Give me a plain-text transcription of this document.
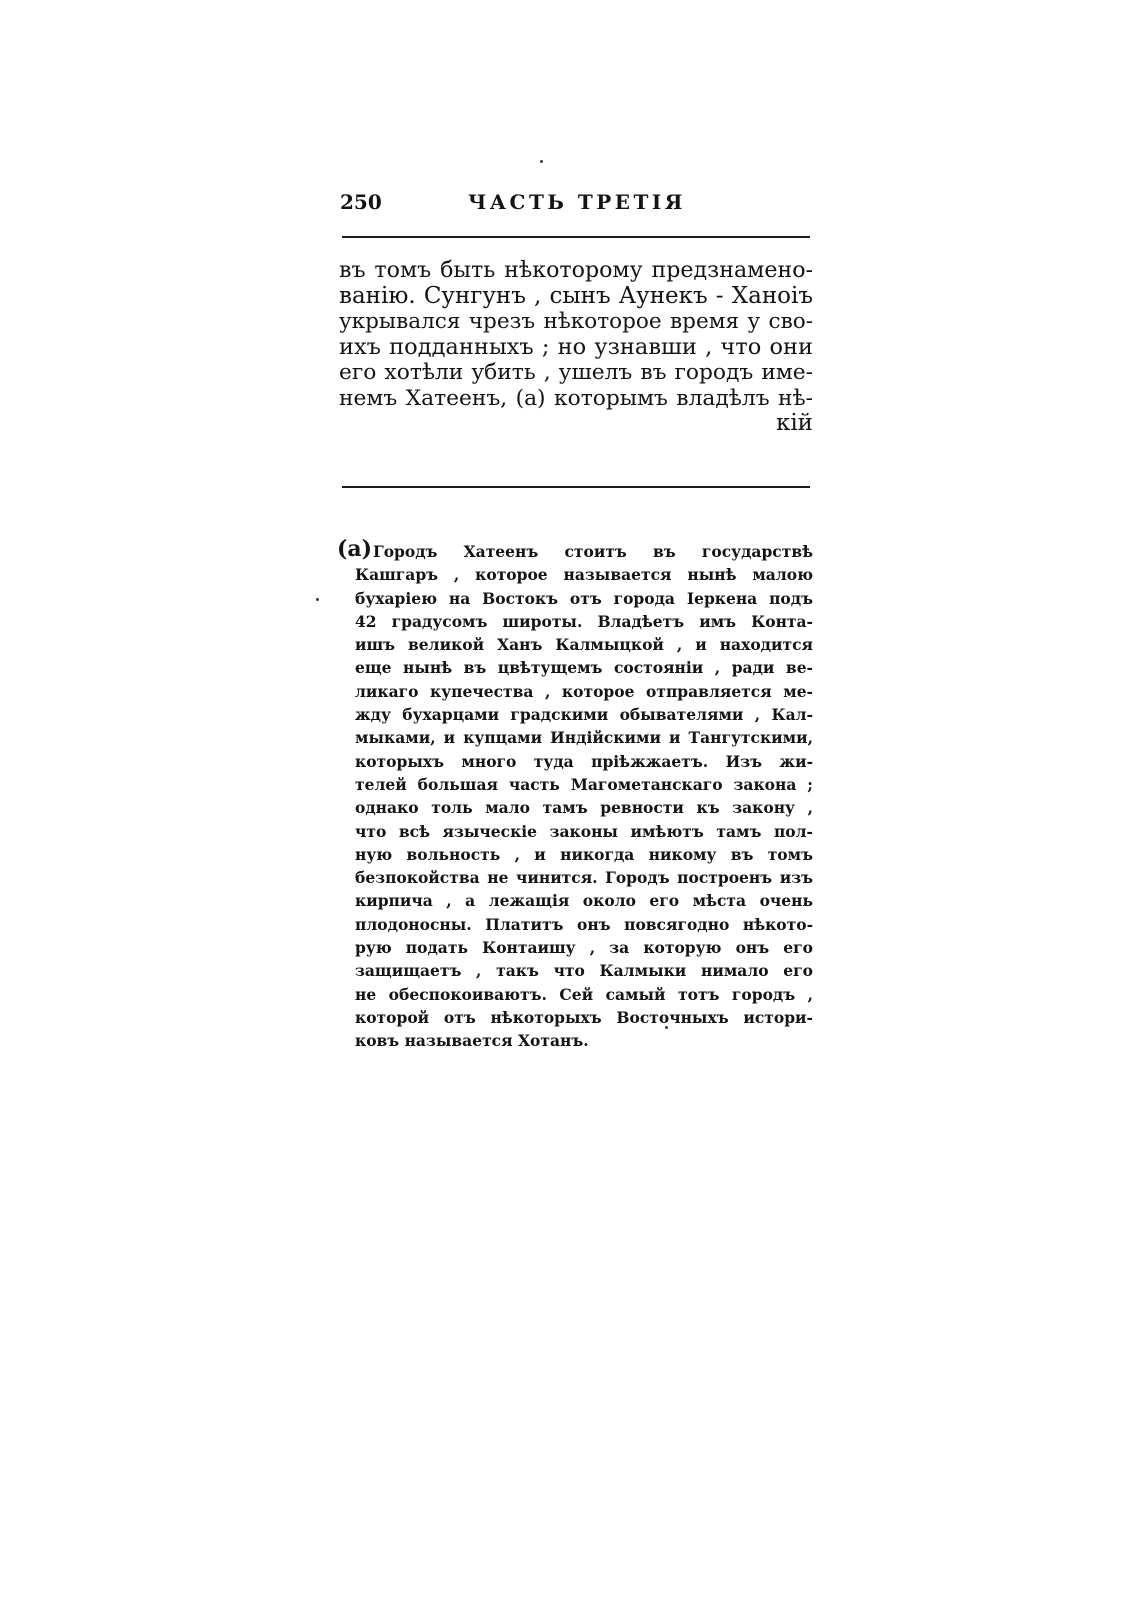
250	ЧАСТЬ ТРЕТІЯ
въ томъ быть нѣкоторому предзнамено-
ванію. Сунгунъ , сынъ Аунекъ - Ханоіъ
укрывался чрезъ нѣкоторое время у сво-
ихъ подданныхъ ; но узнавши , что они
его хотѣли убить , ушелъ въ городъ име-
немъ Хатеенъ, (а) которымъ владѣлъ нѣ-
кій
(а) Городъ Хатеенъ стоитъ въ государствѣ
Кашгаръ , которое называется нынѣ малою
бухаріею на Востокъ отъ города Іеркена подъ
42 градусомъ широты. Владѣетъ имъ Конта-
ишъ великой Ханъ Калмыцкой , и находится
еще нынѣ въ цвѣтущемъ состояніи , ради ве-
ликаго купечества , которое отправляется ме-
жду бухарцами градскими обывателями , Кал-
мыками, и купцами Индійскими и Тангутскими,
которыхъ много туда пріѣжжаетъ. Изъ жи-
телей большая часть Магометанскаго закона ;
однако толь мало тамъ ревности къ закону ,
что всѣ языческіе законы имѣютъ тамъ пол-
ную вольность , и никогда никому въ томъ
безпокойства не чинится. Городъ построенъ изъ
кирпича , а лежащія около его мѣста очень
плодоносны. Платитъ онъ повсягодно нѣкото-
рую подать Контаишу , за которую онъ его
защищаетъ , такъ что Калмыки нимало его
не обеспокоиваютъ. Сей самый тотъ городъ ,
которой отъ нѣкоторыхъ Восточныхъ истори-
ковъ называется Хотанъ.
